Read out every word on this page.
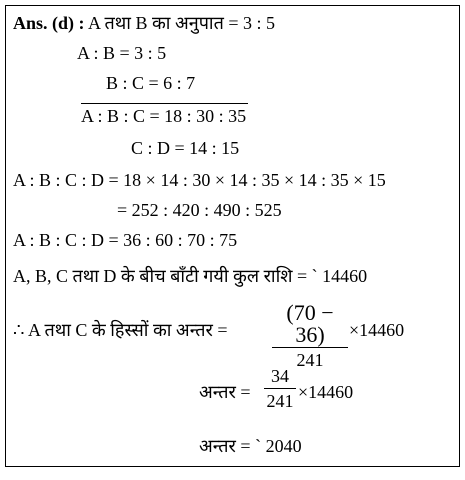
Ans. (d) : A तथा B का अनुपात = 3 : 5
A : B = 3 : 5
B : C = 6 : 7
A : B : C = 18 : 30 : 35
C : D = 14 : 15
A : B : C : D = 18 × 14 : 30 × 14 : 35 × 14 : 35 × 15
= 252 : 420 : 490 : 525
A : B : C : D = 36 : 60 : 70 : 75
A, B, C तथा D के बीच बाँटी गयी कुल राशि = ` 14460
∴ A तथा C के हिस्सों का अन्तर =
(70 − 36)
241
×14460
अन्तर =
34
241 ×14460
अन्तर = ` 2040
